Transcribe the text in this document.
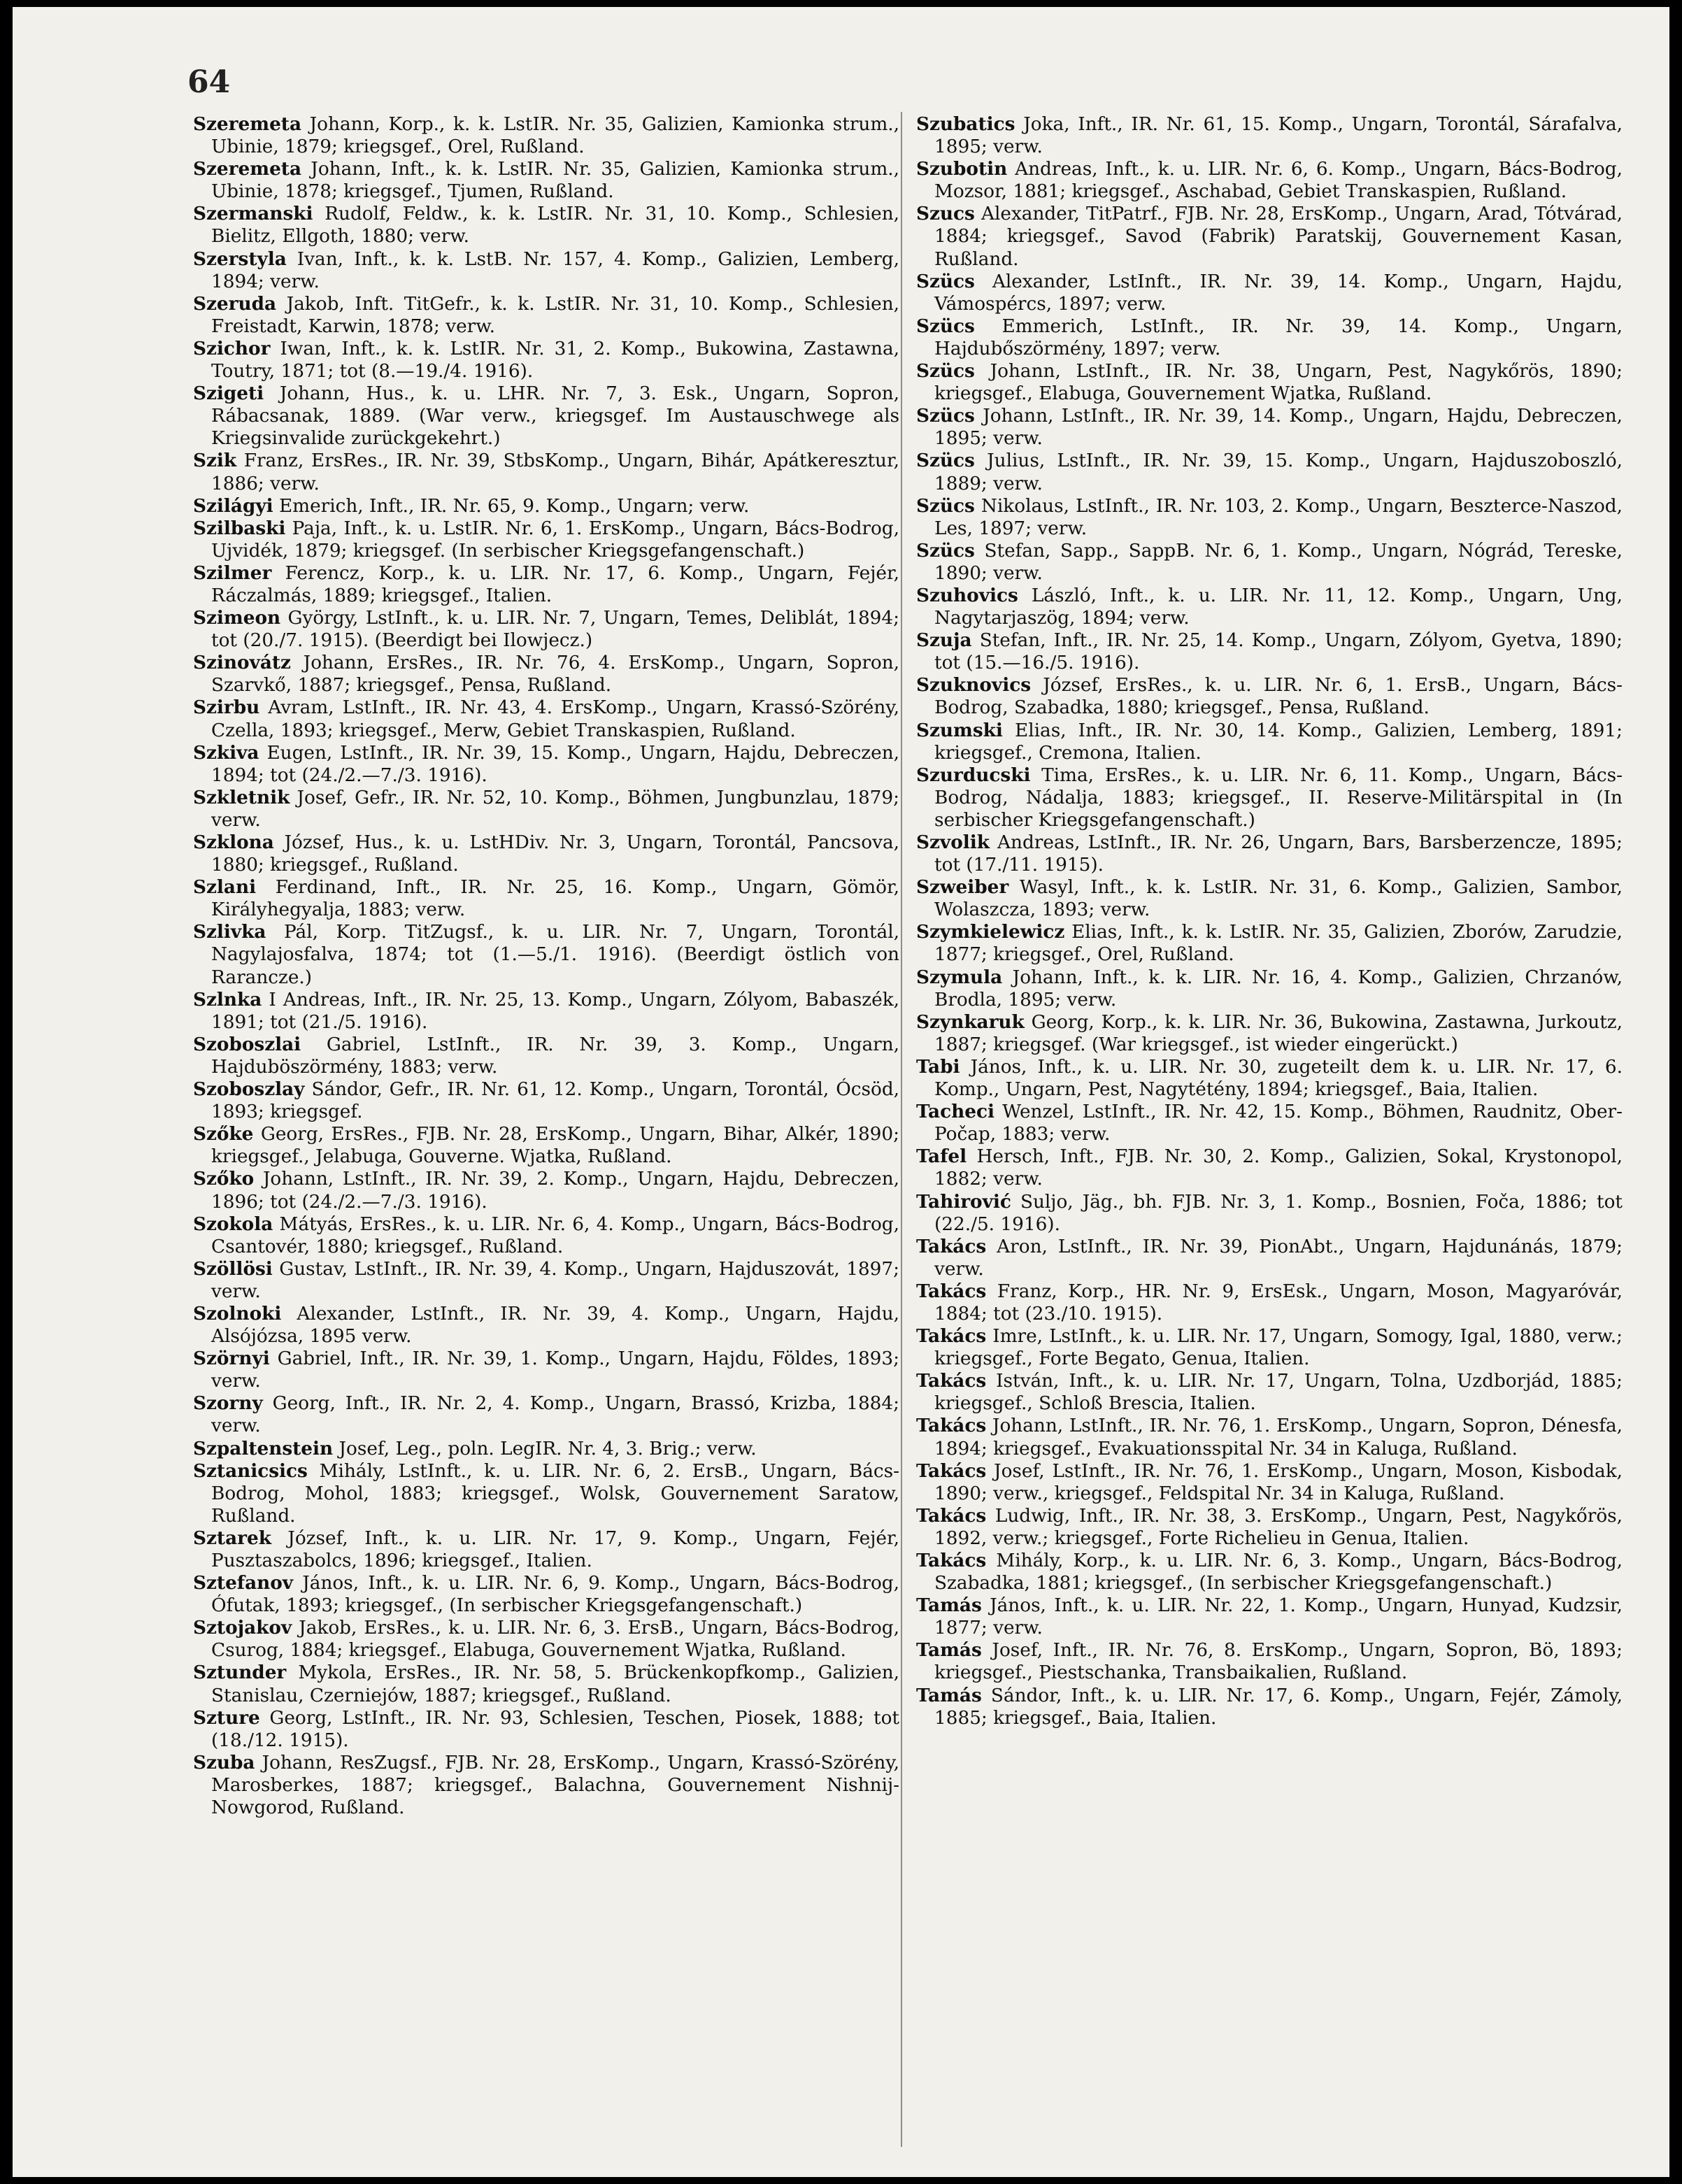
64
Szeremeta Johann, Korp., k. k. LstIR. Nr. 35, Galizien, Kamionka strum., Ubinie, 1879; kriegsgef., Orel, Rußland.
Szeremeta Johann, Inft., k. k. LstIR. Nr. 35, Galizien, Kamionka strum., Ubinie, 1878; kriegsgef., Tjumen, Rußland.
Szermanski Rudolf, Feldw., k. k. LstIR. Nr. 31, 10. Komp., Schlesien, Bielitz, Ellgoth, 1880; verw.
Szerstyla Ivan, Inft., k. k. LstB. Nr. 157, 4. Komp., Galizien, Lemberg, 1894; verw.
Szeruda Jakob, Inft. TitGefr., k. k. LstIR. Nr. 31, 10. Komp., Schlesien, Freistadt, Karwin, 1878; verw.
Szichor Iwan, Inft., k. k. LstIR. Nr. 31, 2. Komp., Bukowina, Zastawna, Toutry, 1871; tot (8.—19./4. 1916).
Szigeti Johann, Hus., k. u. LHR. Nr. 7, 3. Esk., Ungarn, Sopron, Rábacsanak, 1889. (War verw., kriegsgef. Im Austauschwege als Kriegsinvalide zurückgekehrt.)
Szik Franz, ErsRes., IR. Nr. 39, StbsKomp., Ungarn, Bihár, Apátkeresztur, 1886; verw.
Szilágyi Emerich, Inft., IR. Nr. 65, 9. Komp., Ungarn; verw.
Szilbaski Paja, Inft., k. u. LstIR. Nr. 6, 1. ErsKomp., Ungarn, Bács-Bodrog, Ujvidék, 1879; kriegsgef. (In serbischer Kriegsgefangenschaft.)
Szilmer Ferencz, Korp., k. u. LIR. Nr. 17, 6. Komp., Ungarn, Fejér, Ráczalmás, 1889; kriegsgef., Italien.
Szimeon György, LstInft., k. u. LIR. Nr. 7, Ungarn, Temes, Deliblát, 1894; tot (20./7. 1915). (Beerdigt bei Ilowjecz.)
Szinovátz Johann, ErsRes., IR. Nr. 76, 4. ErsKomp., Ungarn, Sopron, Szarvkő, 1887; kriegsgef., Pensa, Rußland.
Szirbu Avram, LstInft., IR. Nr. 43, 4. ErsKomp., Ungarn, Krassó-Szörény, Czella, 1893; kriegsgef., Merw, Gebiet Transkaspien, Rußland.
Szkiva Eugen, LstInft., IR. Nr. 39, 15. Komp., Ungarn, Hajdu, Debreczen, 1894; tot (24./2.—7./3. 1916).
Szkletnik Josef, Gefr., IR. Nr. 52, 10. Komp., Böhmen, Jungbunzlau, 1879; verw.
Szklona József, Hus., k. u. LstHDiv. Nr. 3, Ungarn, Torontál, Pancsova, 1880; kriegsgef., Rußland.
Szlani Ferdinand, Inft., IR. Nr. 25, 16. Komp., Ungarn, Gömör, Királyhegyalja, 1883; verw.
Szlivka Pál, Korp. TitZugsf., k. u. LIR. Nr. 7, Ungarn, Torontál, Nagylajosfalva, 1874; tot (1.—5./1. 1916). (Beerdigt östlich von Rarancze.)
Szlnka I Andreas, Inft., IR. Nr. 25, 13. Komp., Ungarn, Zólyom, Babaszék, 1891; tot (21./5. 1916).
Szoboszlai Gabriel, LstInft., IR. Nr. 39, 3. Komp., Ungarn, Hajduböszörmény, 1883; verw.
Szoboszlay Sándor, Gefr., IR. Nr. 61, 12. Komp., Ungarn, Torontál, Ócsöd, 1893; kriegsgef.
Szőke Georg, ErsRes., FJB. Nr. 28, ErsKomp., Ungarn, Bihar, Alkér, 1890; kriegsgef., Jelabuga, Gouverne. Wjatka, Rußland.
Szőko Johann, LstInft., IR. Nr. 39, 2. Komp., Ungarn, Hajdu, Debreczen, 1896; tot (24./2.—7./3. 1916).
Szokola Mátyás, ErsRes., k. u. LIR. Nr. 6, 4. Komp., Ungarn, Bács-Bodrog, Csantovér, 1880; kriegsgef., Rußland.
Szöllösi Gustav, LstInft., IR. Nr. 39, 4. Komp., Ungarn, Hajduszovát, 1897; verw.
Szolnoki Alexander, LstInft., IR. Nr. 39, 4. Komp., Ungarn, Hajdu, Alsójózsa, 1895 verw.
Szörnyi Gabriel, Inft., IR. Nr. 39, 1. Komp., Ungarn, Hajdu, Földes, 1893; verw.
Szorny Georg, Inft., IR. Nr. 2, 4. Komp., Ungarn, Brassó, Krizba, 1884; verw.
Szpaltenstein Josef, Leg., poln. LegIR. Nr. 4, 3. Brig.; verw.
Sztanicsics Mihály, LstInft., k. u. LIR. Nr. 6, 2. ErsB., Ungarn, Bács-Bodrog, Mohol, 1883; kriegsgef., Wolsk, Gouvernement Saratow, Rußland.
Sztarek József, Inft., k. u. LIR. Nr. 17, 9. Komp., Ungarn, Fejér, Pusztaszabolcs, 1896; kriegsgef., Italien.
Sztefanov János, Inft., k. u. LIR. Nr. 6, 9. Komp., Ungarn, Bács-Bodrog, Ófutak, 1893; kriegsgef., (In serbischer Kriegsgefangenschaft.)
Sztojakov Jakob, ErsRes., k. u. LIR. Nr. 6, 3. ErsB., Ungarn, Bács-Bodrog, Csurog, 1884; kriegsgef., Elabuga, Gouvernement Wjatka, Rußland.
Sztunder Mykola, ErsRes., IR. Nr. 58, 5. Brückenkopfkomp., Galizien, Stanislau, Czerniejów, 1887; kriegsgef., Rußland.
Szture Georg, LstInft., IR. Nr. 93, Schlesien, Teschen, Piosek, 1888; tot (18./12. 1915).
Szuba Johann, ResZugsf., FJB. Nr. 28, ErsKomp., Ungarn, Krassó-Szörény, Marosberkes, 1887; kriegsgef., Balachna, Gouvernement Nishnij-Nowgorod, Rußland.
Szubatics Joka, Inft., IR. Nr. 61, 15. Komp., Ungarn, Torontál, Sárafalva, 1895; verw.
Szubotin Andreas, Inft., k. u. LIR. Nr. 6, 6. Komp., Ungarn, Bács-Bodrog, Mozsor, 1881; kriegsgef., Aschabad, Gebiet Transkaspien, Rußland.
Szucs Alexander, TitPatrf., FJB. Nr. 28, ErsKomp., Ungarn, Arad, Tótvárad, 1884; kriegsgef., Savod (Fabrik) Paratskij, Gouvernement Kasan, Rußland.
Szücs Alexander, LstInft., IR. Nr. 39, 14. Komp., Ungarn, Hajdu, Vámospércs, 1897; verw.
Szücs Emmerich, LstInft., IR. Nr. 39, 14. Komp., Ungarn, Hajdubőszörmény, 1897; verw.
Szücs Johann, LstInft., IR. Nr. 38, Ungarn, Pest, Nagykőrös, 1890; kriegsgef., Elabuga, Gouvernement Wjatka, Rußland.
Szücs Johann, LstInft., IR. Nr. 39, 14. Komp., Ungarn, Hajdu, Debreczen, 1895; verw.
Szücs Julius, LstInft., IR. Nr. 39, 15. Komp., Ungarn, Hajduszoboszló, 1889; verw.
Szücs Nikolaus, LstInft., IR. Nr. 103, 2. Komp., Ungarn, Beszterce-Naszod, Les, 1897; verw.
Szücs Stefan, Sapp., SappB. Nr. 6, 1. Komp., Ungarn, Nógrád, Tereske, 1890; verw.
Szuhovics László, Inft., k. u. LIR. Nr. 11, 12. Komp., Ungarn, Ung, Nagytarjaszög, 1894; verw.
Szuja Stefan, Inft., IR. Nr. 25, 14. Komp., Ungarn, Zólyom, Gyetva, 1890; tot (15.—16./5. 1916).
Szuknovics József, ErsRes., k. u. LIR. Nr. 6, 1. ErsB., Ungarn, Bács-Bodrog, Szabadka, 1880; kriegsgef., Pensa, Rußland.
Szumski Elias, Inft., IR. Nr. 30, 14. Komp., Galizien, Lemberg, 1891; kriegsgef., Cremona, Italien.
Szurducski Tima, ErsRes., k. u. LIR. Nr. 6, 11. Komp., Ungarn, Bács-Bodrog, Nádalja, 1883; kriegsgef., II. Reserve-Militärspital in (In serbischer Kriegsgefangenschaft.)
Szvolik Andreas, LstInft., IR. Nr. 26, Ungarn, Bars, Barsberzencze, 1895; tot (17./11. 1915).
Szweiber Wasyl, Inft., k. k. LstIR. Nr. 31, 6. Komp., Galizien, Sambor, Wolaszcza, 1893; verw.
Szymkielewicz Elias, Inft., k. k. LstIR. Nr. 35, Galizien, Zborów, Zarudzie, 1877; kriegsgef., Orel, Rußland.
Szymula Johann, Inft., k. k. LIR. Nr. 16, 4. Komp., Galizien, Chrzanów, Brodla, 1895; verw.
Szynkaruk Georg, Korp., k. k. LIR. Nr. 36, Bukowina, Zastawna, Jurkoutz, 1887; kriegsgef. (War kriegsgef., ist wieder eingerückt.)
Tabi János, Inft., k. u. LIR. Nr. 30, zugeteilt dem k. u. LIR. Nr. 17, 6. Komp., Ungarn, Pest, Nagytétény, 1894; kriegsgef., Baia, Italien.
Tacheci Wenzel, LstInft., IR. Nr. 42, 15. Komp., Böhmen, Raudnitz, Ober-Počap, 1883; verw.
Tafel Hersch, Inft., FJB. Nr. 30, 2. Komp., Galizien, Sokal, Krystonopol, 1882; verw.
Tahirović Suljo, Jäg., bh. FJB. Nr. 3, 1. Komp., Bosnien, Foča, 1886; tot (22./5. 1916).
Takács Aron, LstInft., IR. Nr. 39, PionAbt., Ungarn, Hajdunánás, 1879; verw.
Takács Franz, Korp., HR. Nr. 9, ErsEsk., Ungarn, Moson, Magyaróvár, 1884; tot (23./10. 1915).
Takács Imre, LstInft., k. u. LIR. Nr. 17, Ungarn, Somogy, Igal, 1880, verw.; kriegsgef., Forte Begato, Genua, Italien.
Takács István, Inft., k. u. LIR. Nr. 17, Ungarn, Tolna, Uzdborjád, 1885; kriegsgef., Schloß Brescia, Italien.
Takács Johann, LstInft., IR. Nr. 76, 1. ErsKomp., Ungarn, Sopron, Dénesfa, 1894; kriegsgef., Evakuationsspital Nr. 34 in Kaluga, Rußland.
Takács Josef, LstInft., IR. Nr. 76, 1. ErsKomp., Ungarn, Moson, Kisbodak, 1890; verw., kriegsgef., Feldspital Nr. 34 in Kaluga, Rußland.
Takács Ludwig, Inft., IR. Nr. 38, 3. ErsKomp., Ungarn, Pest, Nagykőrös, 1892, verw.; kriegsgef., Forte Richelieu in Genua, Italien.
Takács Mihály, Korp., k. u. LIR. Nr. 6, 3. Komp., Ungarn, Bács-Bodrog, Szabadka, 1881; kriegsgef., (In serbischer Kriegsgefangenschaft.)
Tamás János, Inft., k. u. LIR. Nr. 22, 1. Komp., Ungarn, Hunyad, Kudzsir, 1877; verw.
Tamás Josef, Inft., IR. Nr. 76, 8. ErsKomp., Ungarn, Sopron, Bö, 1893; kriegsgef., Piestschanka, Transbaikalien, Rußland.
Tamás Sándor, Inft., k. u. LIR. Nr. 17, 6. Komp., Ungarn, Fejér, Zámoly, 1885; kriegsgef., Baia, Italien.
